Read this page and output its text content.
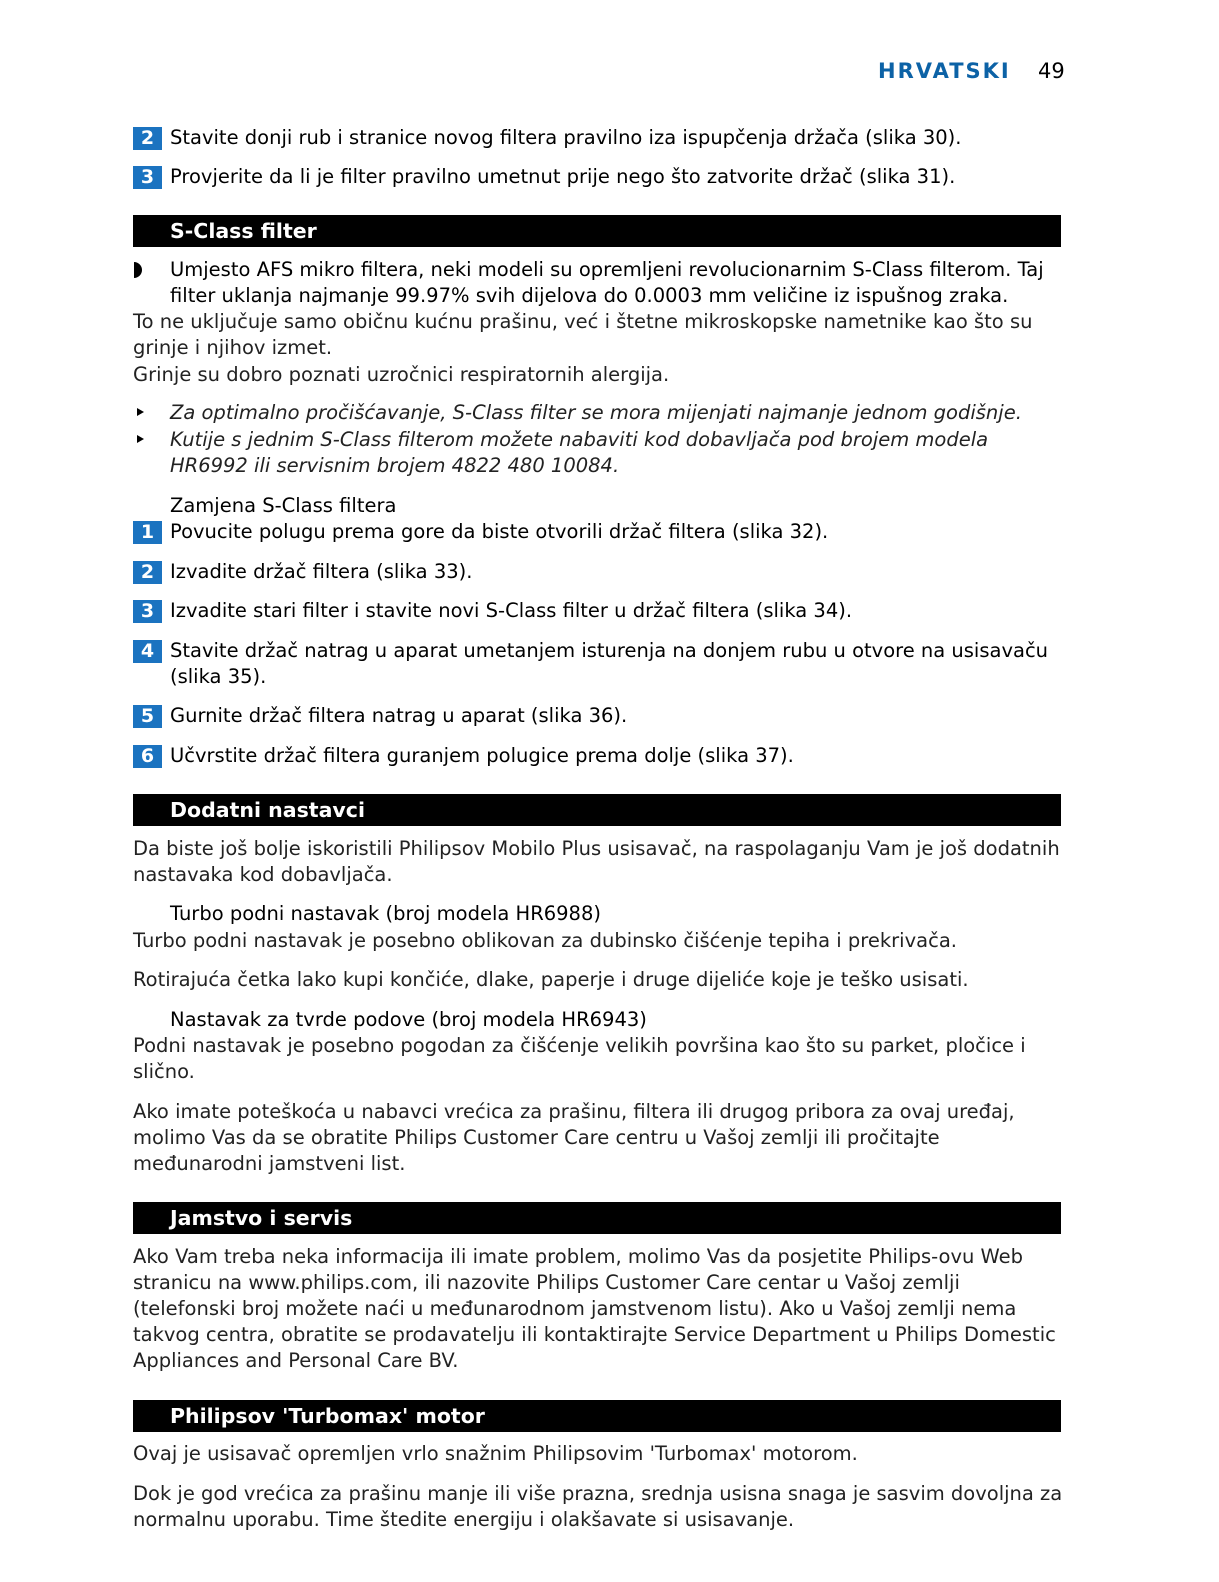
HRVATSKI 49
2 Stavite donji rub i stranice novog filtera pravilno iza ispupčenja držača (slika 30).
3 Provjerite da li je filter pravilno umetnut prije nego što zatvorite držač (slika 31).
S-Class filter
Umjesto AFS mikro filtera, neki modeli su opremljeni revolucionarnim S-Class filterom. Taj filter uklanja najmanje 99.97% svih dijelova do 0.0003 mm veličine iz ispušnog zraka.
To ne uključuje samo običnu kućnu prašinu, već i štetne mikroskopske nametnike kao što su grinje i njihov izmet.
Grinje su dobro poznati uzročnici respiratornih alergija.
Za optimalno pročišćavanje, S-Class filter se mora mijenjati najmanje jednom godišnje.
Kutije s jednim S-Class filterom možete nabaviti kod dobavljača pod brojem modela HR6992 ili servisnim brojem 4822 480 10084.
Zamjena S-Class filtera
1 Povucite polugu prema gore da biste otvorili držač filtera (slika 32).
2 Izvadite držač filtera (slika 33).
3 Izvadite stari filter i stavite novi S-Class filter u držač filtera (slika 34).
4 Stavite držač natrag u aparat umetanjem isturenja na donjem rubu u otvore na usisavaču (slika 35).
5 Gurnite držač filtera natrag u aparat (slika 36).
6 Učvrstite držač filtera guranjem polugice prema dolje (slika 37).
Dodatni nastavci
Da biste još bolje iskoristili Philipsov Mobilo Plus usisavač, na raspolaganju Vam je još dodatnih nastavaka kod dobavljača.
Turbo podni nastavak (broj modela HR6988)
Turbo podni nastavak je posebno oblikovan za dubinsko čišćenje tepiha i prekrivača.
Rotirajuća četka lako kupi končiće, dlake, paperje i druge dijeliće koje je teško usisati.
Nastavak za tvrde podove (broj modela HR6943)
Podni nastavak je posebno pogodan za čišćenje velikih površina kao što su parket, pločice i slično.
Ako imate poteškoća u nabavci vrećica za prašinu, filtera ili drugog pribora za ovaj uređaj, molimo Vas da se obratite Philips Customer Care centru u Vašoj zemlji ili pročitajte međunarodni jamstveni list.
Jamstvo i servis
Ako Vam treba neka informacija ili imate problem, molimo Vas da posjetite Philips-ovu Web stranicu na www.philips.com, ili nazovite Philips Customer Care centar u Vašoj zemlji (telefonski broj možete naći u međunarodnom jamstvenom listu). Ako u Vašoj zemlji nema takvog centra, obratite se prodavatelju ili kontaktirajte Service Department u Philips Domestic Appliances and Personal Care BV.
Philipsov 'Turbomax' motor
Ovaj je usisavač opremljen vrlo snažnim Philipsovim 'Turbomax' motorom.
Dok je god vrećica za prašinu manje ili više prazna, srednja usisna snaga je sasvim dovoljna za normalnu uporabu. Time štedite energiju i olakšavate si usisavanje.
